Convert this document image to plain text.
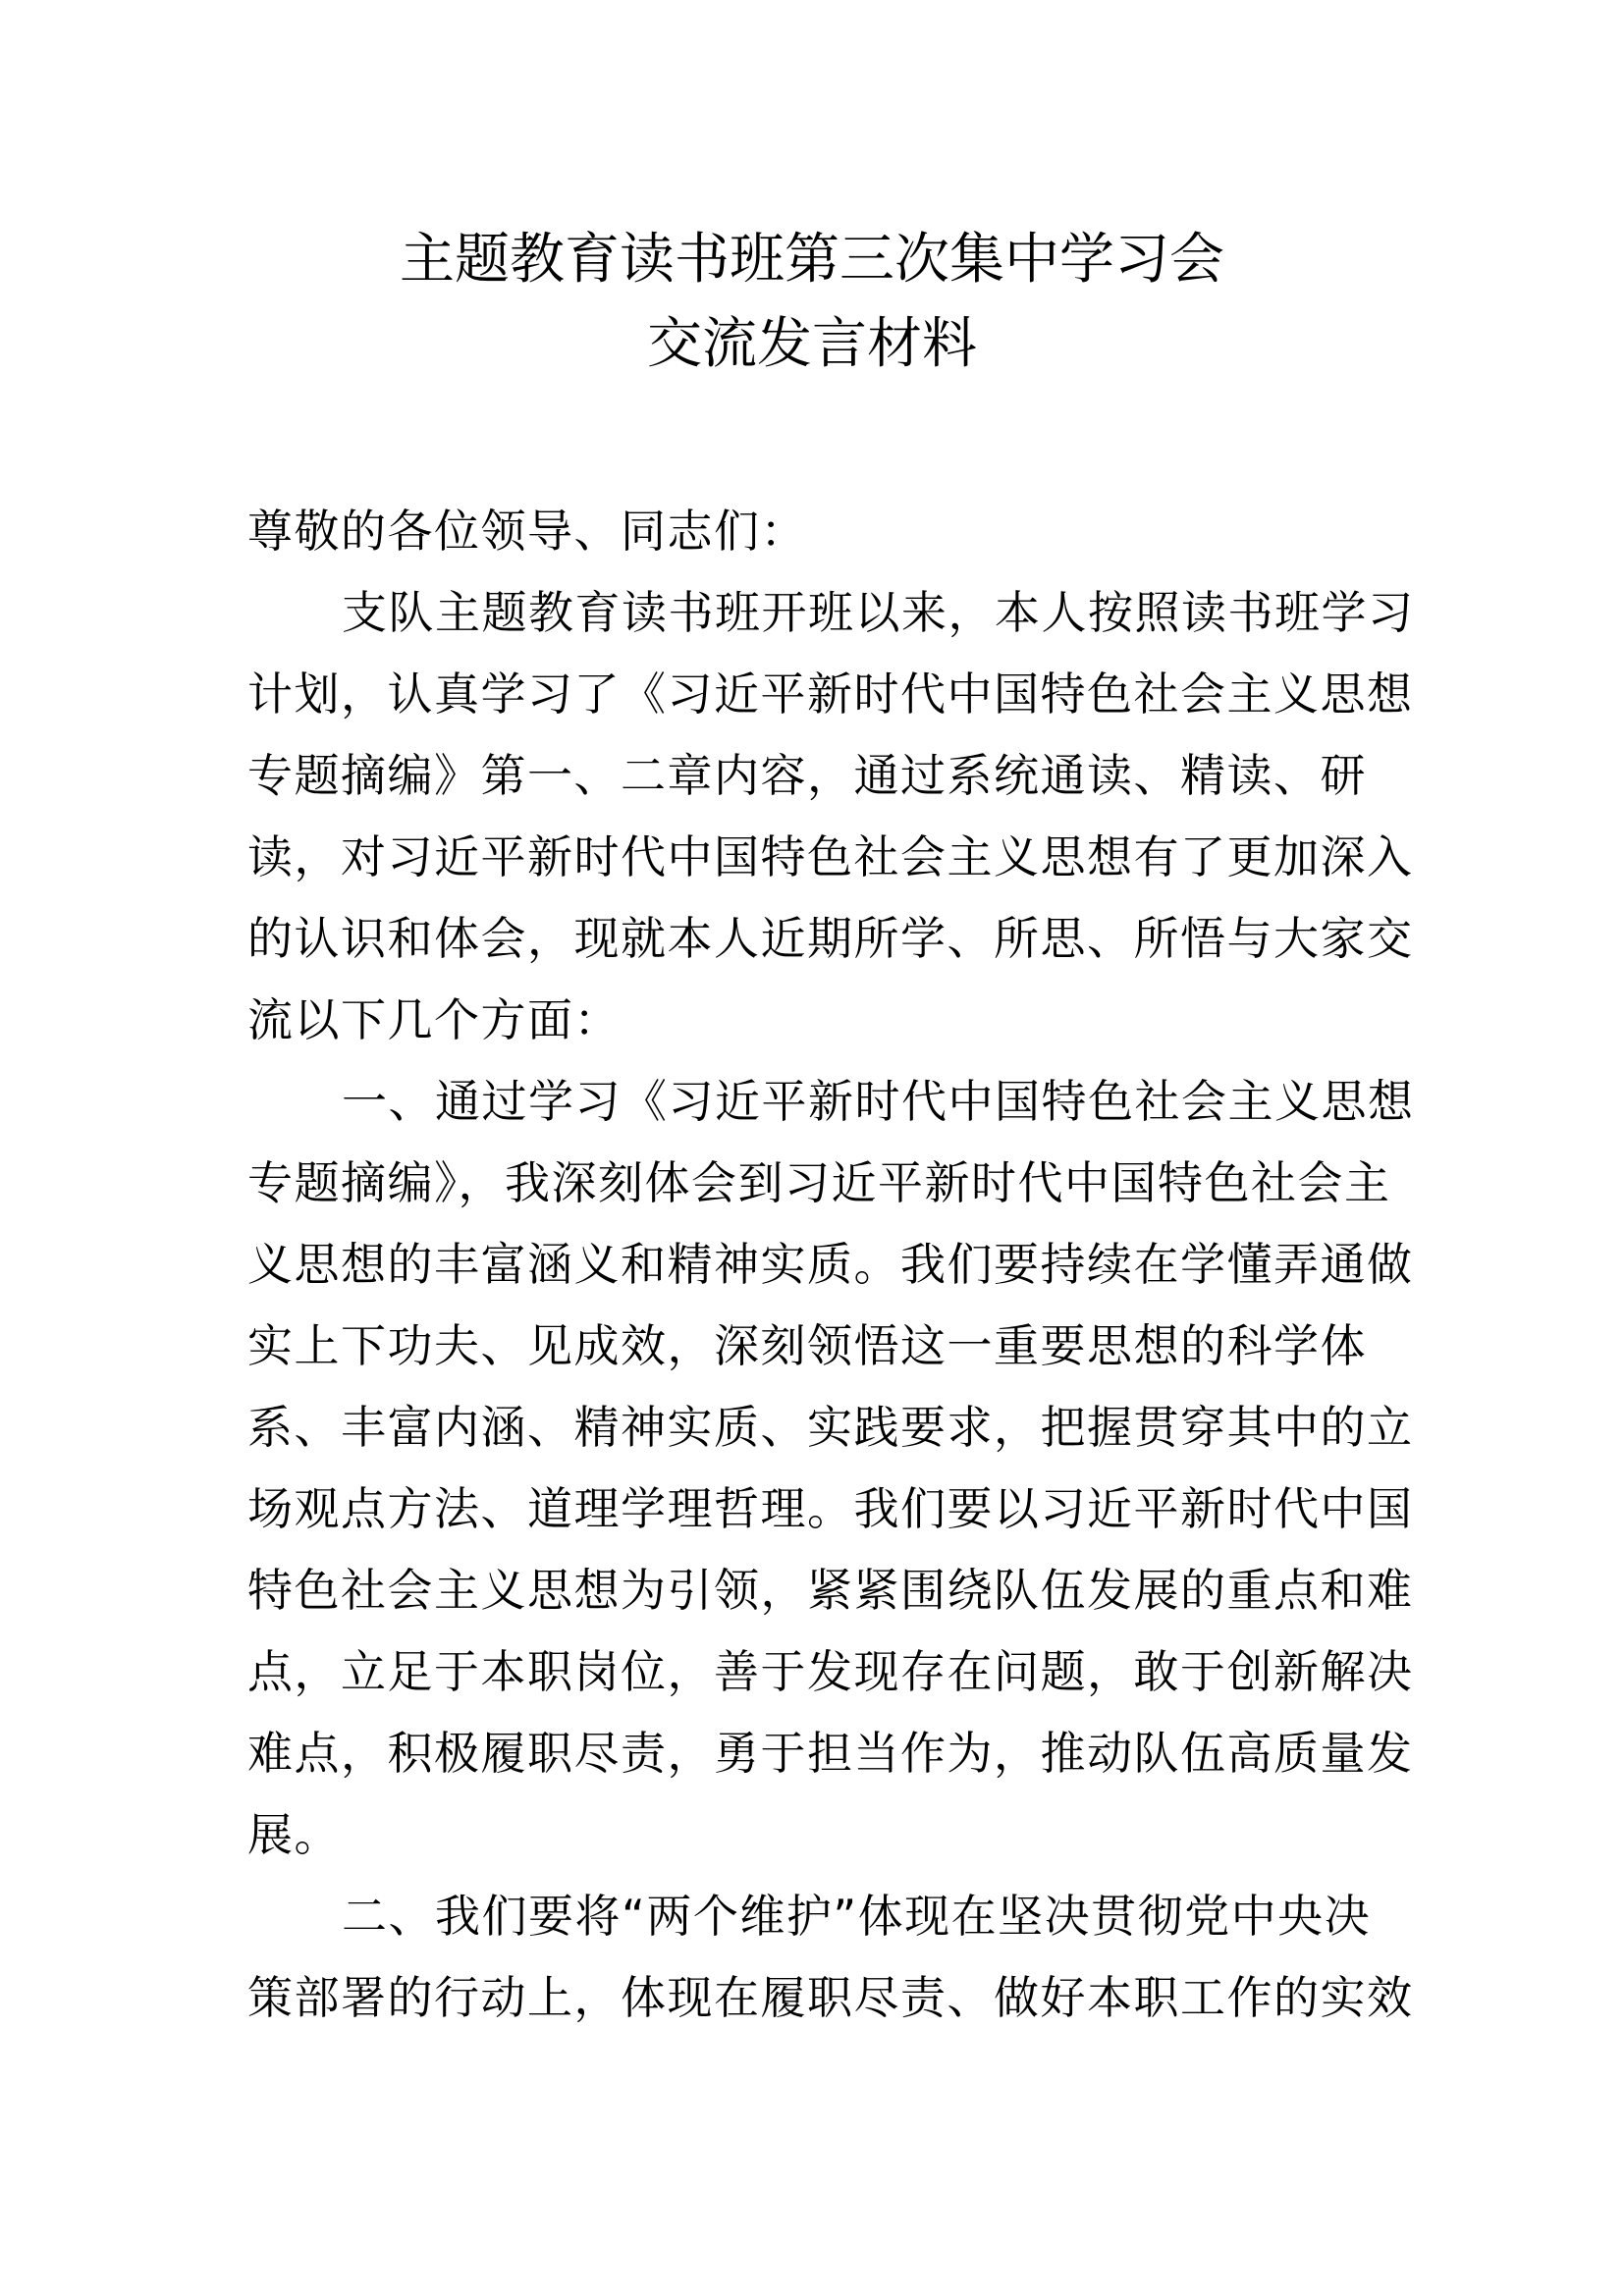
主题教育读书班第三次集中学习会
交流发言材料
尊敬的各位领导、同志们：
支队主题教育读书班开班以来，本人按照读书班学习
计划，认真学习了《习近平新时代中国特色社会主义思想
专题摘编》第一、二章内容，通过系统通读、精读、研
读，对习近平新时代中国特色社会主义思想有了更加深入
的认识和体会，现就本人近期所学、所思、所悟与大家交
流以下几个方面：
一、通过学习《习近平新时代中国特色社会主义思想
专题摘编》，我深刻体会到习近平新时代中国特色社会主
义思想的丰富涵义和精神实质。我们要持续在学懂弄通做
实上下功夫、见成效，深刻领悟这一重要思想的科学体
系、丰富内涵、精神实质、实践要求，把握贯穿其中的立
场观点方法、道理学理哲理。我们要以习近平新时代中国
特色社会主义思想为引领，紧紧围绕队伍发展的重点和难
点，立足于本职岗位，善于发现存在问题，敢于创新解决
难点，积极履职尽责，勇于担当作为，推动队伍高质量发
展。
二、我们要将“两个维护”体现在坚决贯彻党中央决
策部署的行动上，体现在履职尽责、做好本职工作的实效
